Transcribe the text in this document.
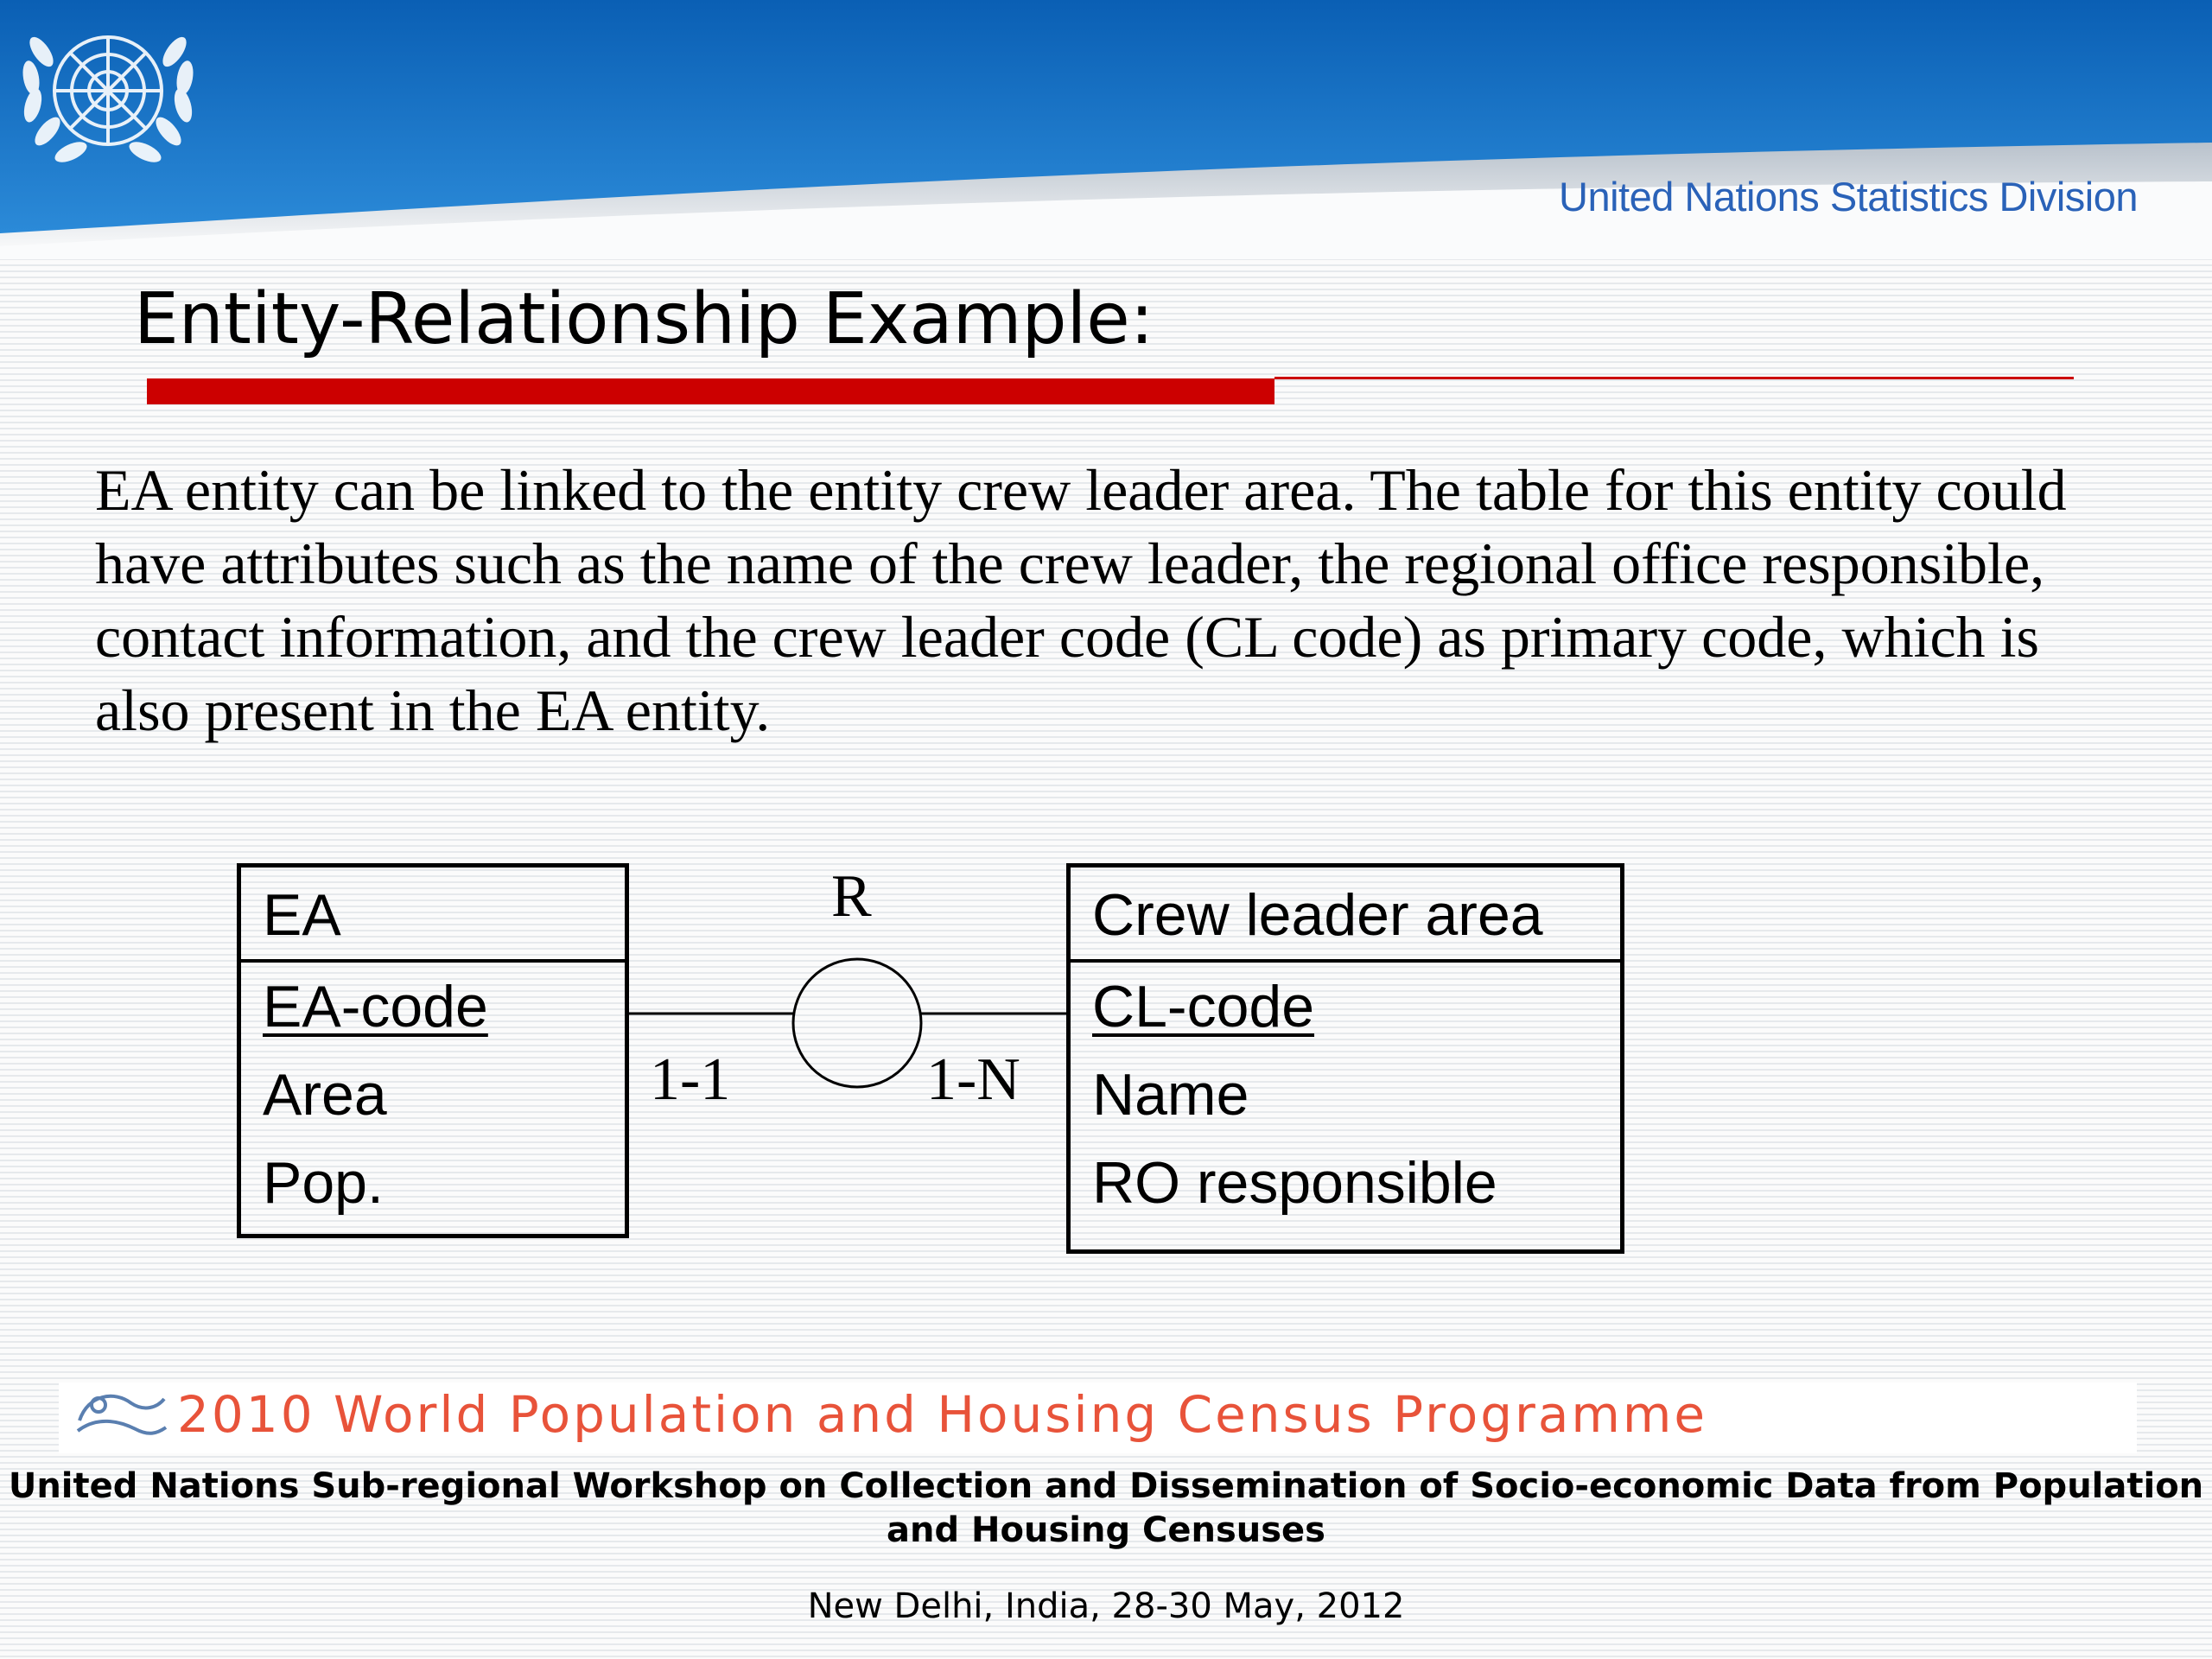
United Nations Statistics Division
Entity-Relationship Example:

EA entity can be linked to the entity crew leader area. The table for this entity could have attributes such as the name of the crew leader, the regional office responsible, contact information, and the crew leader code (CL code) as primary code, which is also present in the EA entity.

EA
EA-code
Area
Pop.
R
1-1	1-N
Crew leader area
CL-code
Name
RO responsible
2010 World Population and Housing Census Programme
United Nations Sub-regional Workshop on Collection and Dissemination of Socio-economic Data from Population and Housing Censuses
New Delhi, India, 28-30 May, 2012
